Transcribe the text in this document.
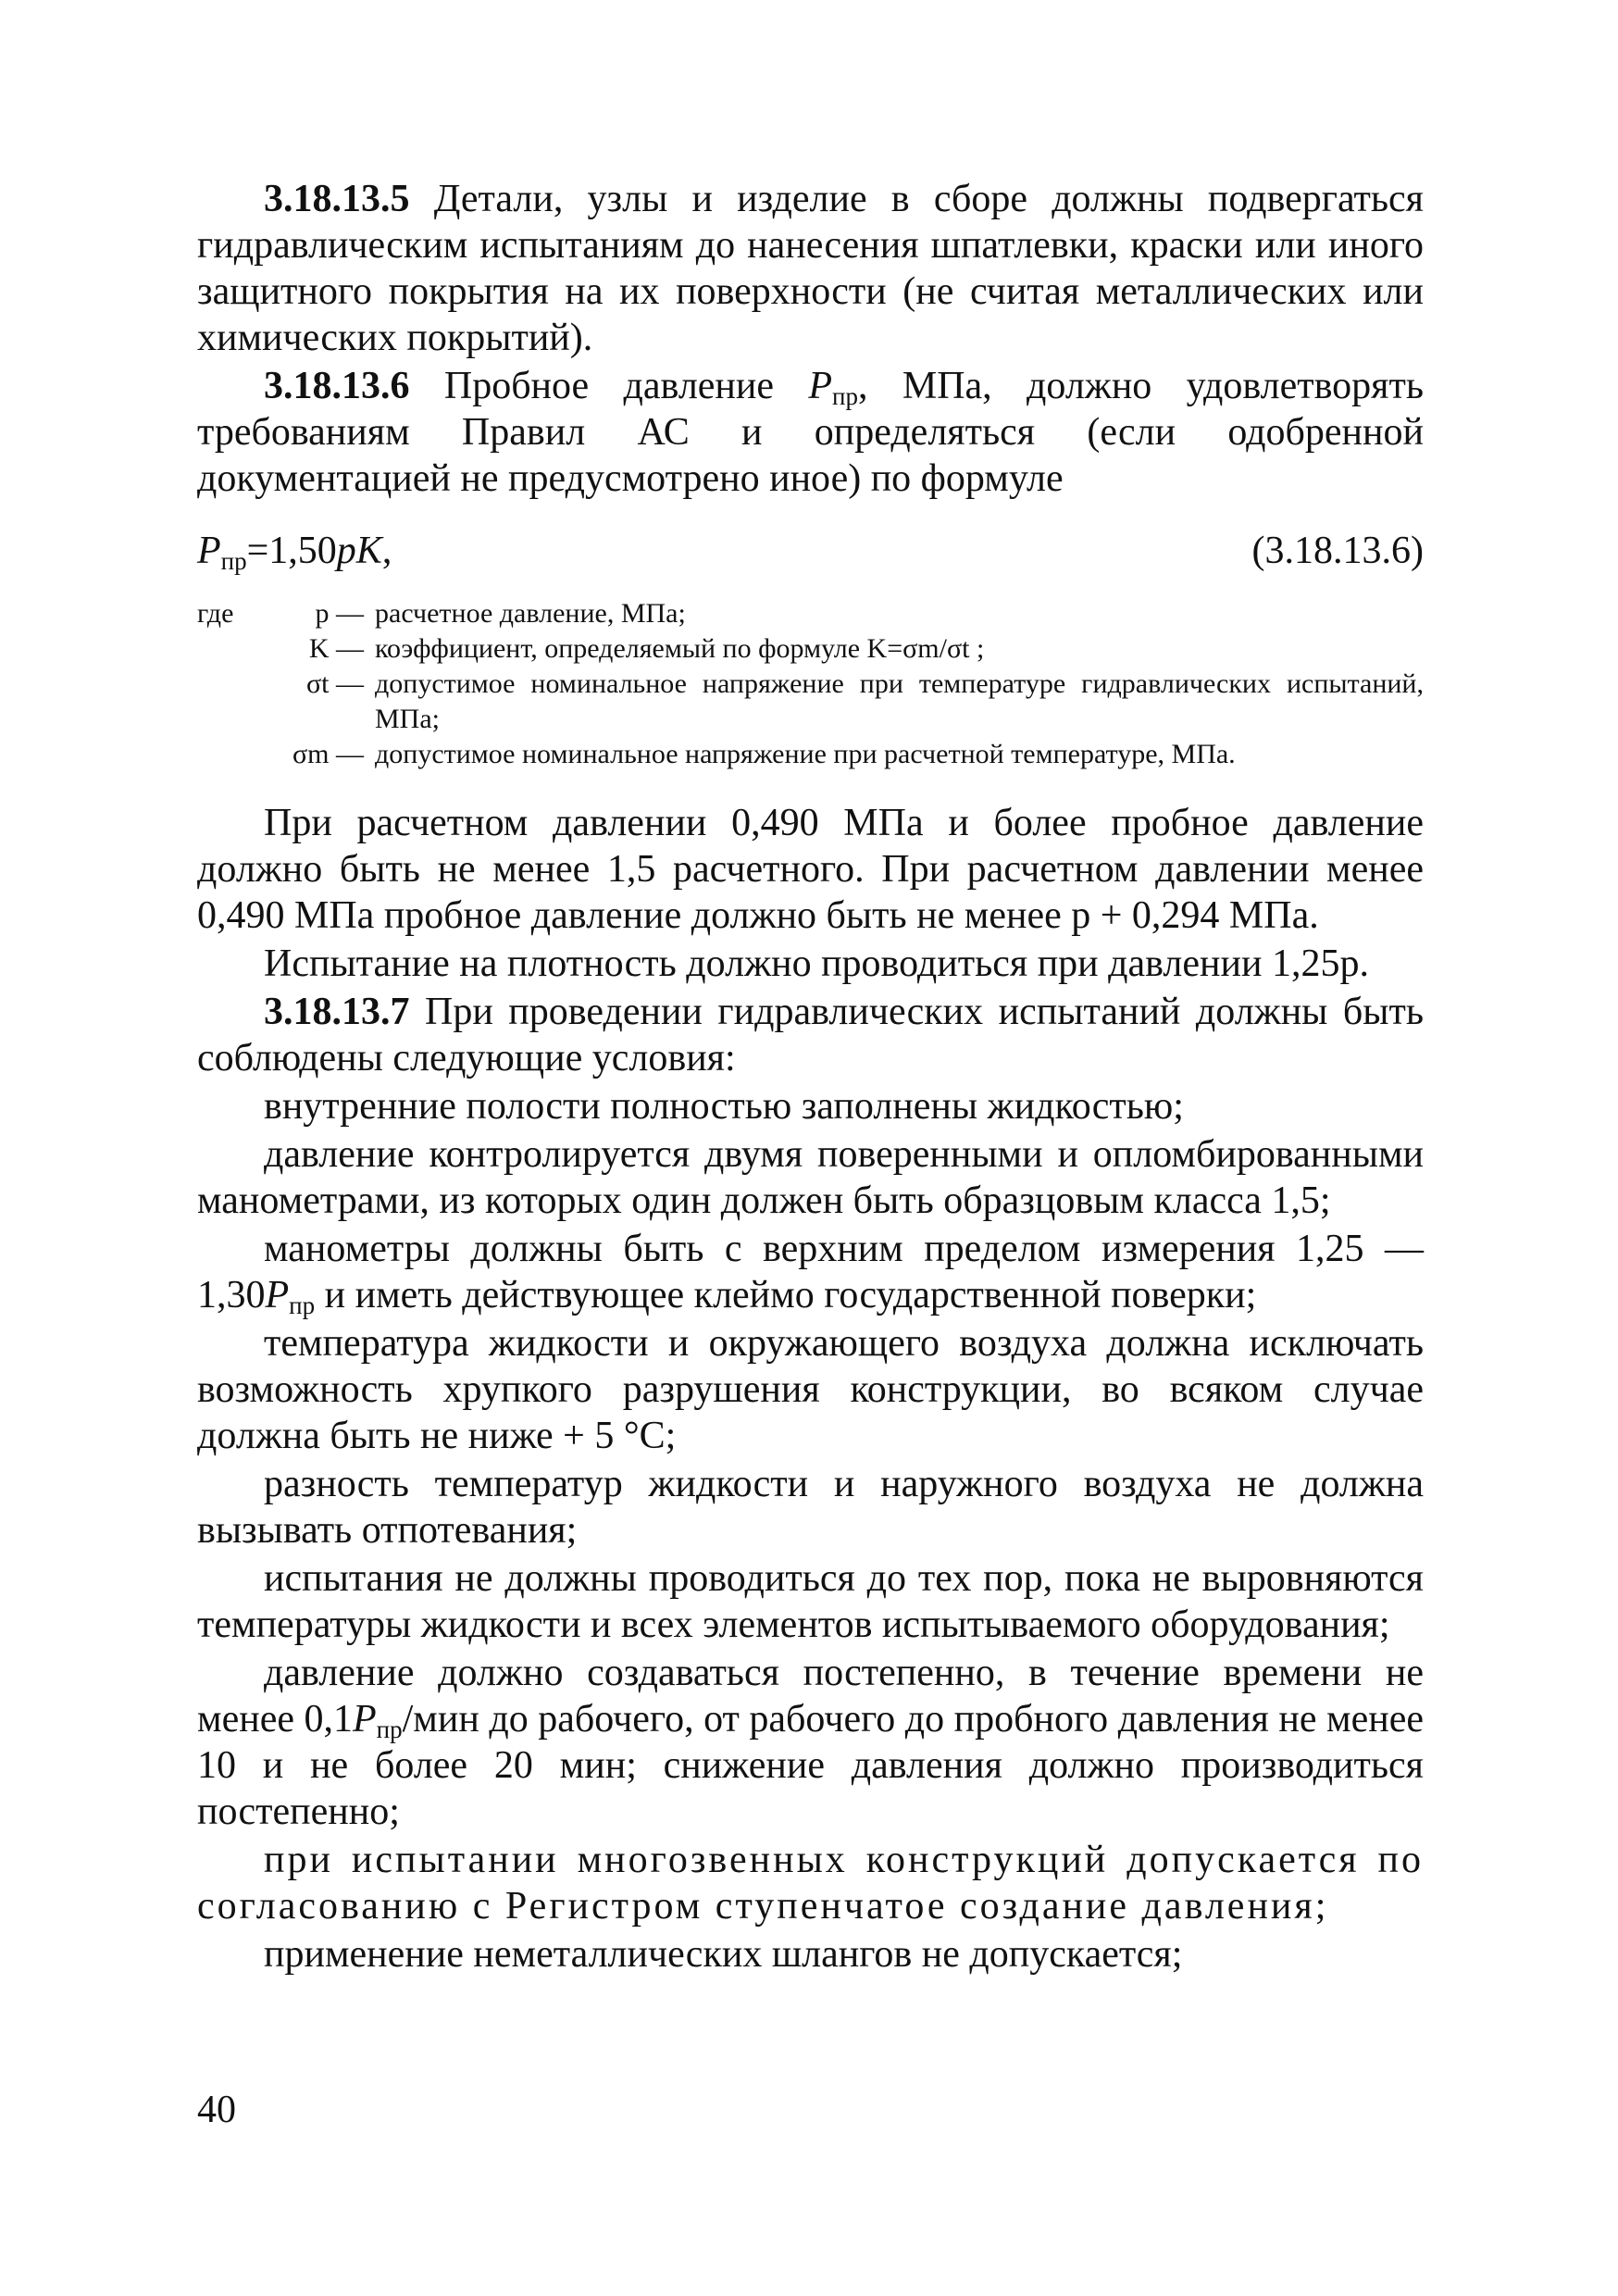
3.18.13.5 Детали, узлы и изделие в сборе должны подвергаться гидравлическим испытаниям до нанесения шпатлевки, краски или иного защитного покрытия на их поверхности (не считая металлических или химических покрытий).

3.18.13.6 Пробное давление $P_{пр}$, МПа, должно удовлетворять требованиям Правил АС и определяться (если одобренной документацией не предусмотрено иное) по формуле

$P_{пр}=1,50pK$,	(3.18.13.6)
где	p — расчетное давление, МПа;
K — коэффициент, определяемый по формуле K=σm/σt ;
σt — допустимое номинальное напряжение при температуре гидравлических испытаний, МПа;
σm — допустимое номинальное напряжение при расчетной температуре, МПа.

При расчетном давлении 0,490 МПа и более пробное давление должно быть не менее 1,5 расчетного. При расчетном давлении менее 0,490 МПа пробное давление должно быть не менее p + 0,294 МПа.

Испытание на плотность должно проводиться при давлении 1,25p.

3.18.13.7 При проведении гидравлических испытаний должны быть соблюдены следующие условия:

внутренние полости полностью заполнены жидкостью;

давление контролируется двумя поверенными и опломбированными манометрами, из которых один должен быть образцовым класса 1,5;

манометры должны быть с верхним пределом измерения 1,25 — $1,30P_{пр}$ и иметь действующее клеймо государственной поверки;

температура жидкости и окружающего воздуха должна исключать возможность хрупкого разрушения конструкции, во всяком случае должна быть не ниже + 5 °С;

разность температур жидкости и наружного воздуха не должна вызывать отпотевания;

испытания не должны проводиться до тех пор, пока не выровняются температуры жидкости и всех элементов испытываемого оборудования;

давление должно создаваться постепенно, в течение времени не менее $0,1P_{пр}$/мин до рабочего, от рабочего до пробного давления не менее 10 и не более 20 мин; снижение давления должно производиться постепенно;

при испытании многозвенных конструкций допускается по согласованию с Регистром ступенчатое создание давления;

применение неметаллических шлангов не допускается;

40
